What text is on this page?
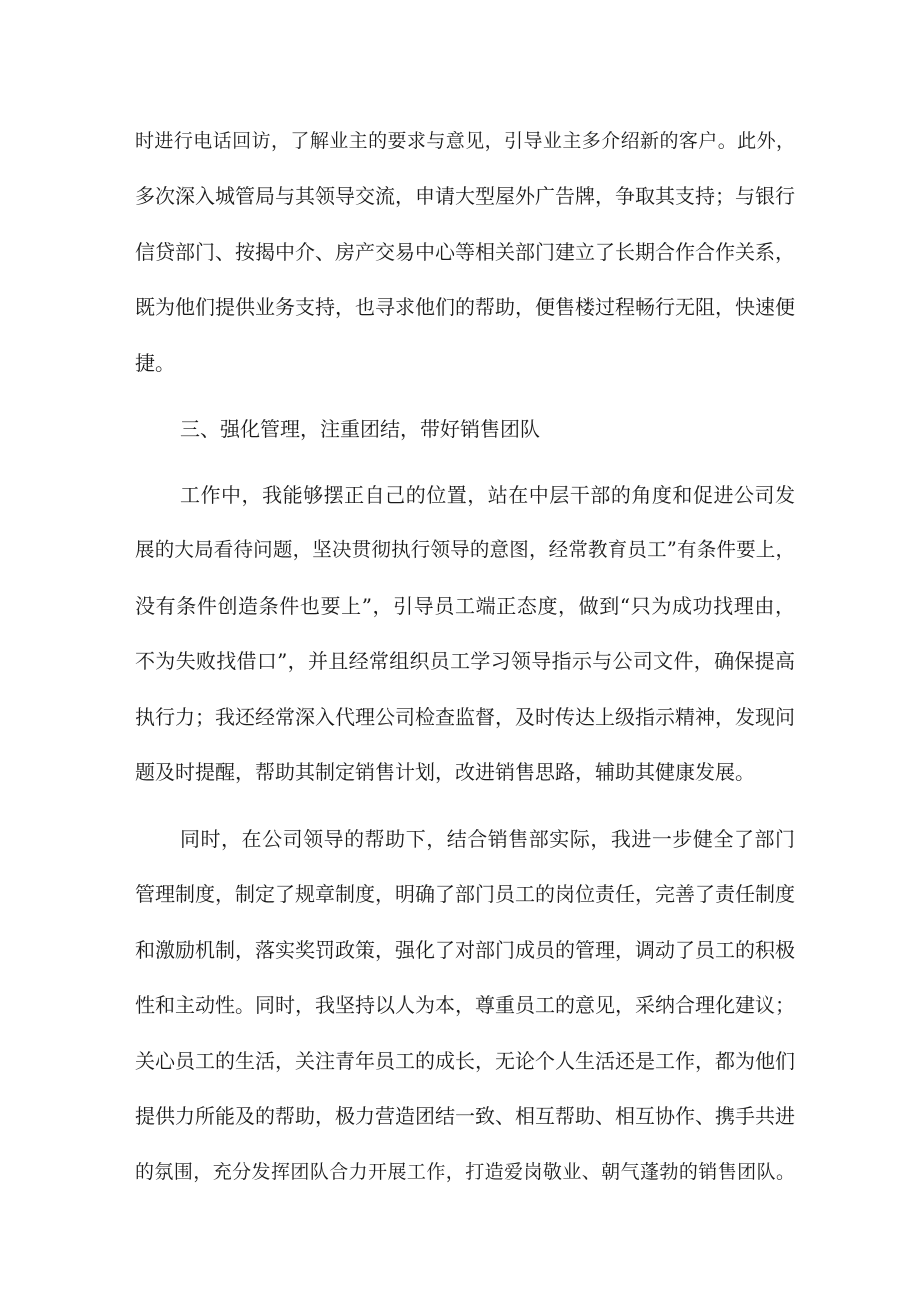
时进行电话回访，了解业主的要求与意见，引导业主多介绍新的客户。此外，
多次深入城管局与其领导交流，申请大型屋外广告牌，争取其支持；与银行
信贷部门、按揭中介、房产交易中心等相关部门建立了长期合作合作关系，
既为他们提供业务支持，也寻求他们的帮助，便售楼过程畅行无阻，快速便
捷。
三、强化管理，注重团结，带好销售团队
工作中，我能够摆正自己的位置，站在中层干部的角度和促进公司发
展的大局看待问题，坚决贯彻执行领导的意图，经常教育员工”有条件要上，
没有条件创造条件也要上”，引导员工端正态度，做到“只为成功找理由，
不为失败找借口”，并且经常组织员工学习领导指示与公司文件，确保提高
执行力；我还经常深入代理公司检查监督，及时传达上级指示精神，发现问
题及时提醒，帮助其制定销售计划，改进销售思路，辅助其健康发展。
同时，在公司领导的帮助下，结合销售部实际，我进一步健全了部门
管理制度，制定了规章制度，明确了部门员工的岗位责任，完善了责任制度
和激励机制，落实奖罚政策，强化了对部门成员的管理，调动了员工的积极
性和主动性。同时，我坚持以人为本，尊重员工的意见，采纳合理化建议；
关心员工的生活，关注青年员工的成长，无论个人生活还是工作，都为他们
提供力所能及的帮助，极力营造团结一致、相互帮助、相互协作、携手共进
的氛围，充分发挥团队合力开展工作，打造爱岗敬业、朝气蓬勃的销售团队。
